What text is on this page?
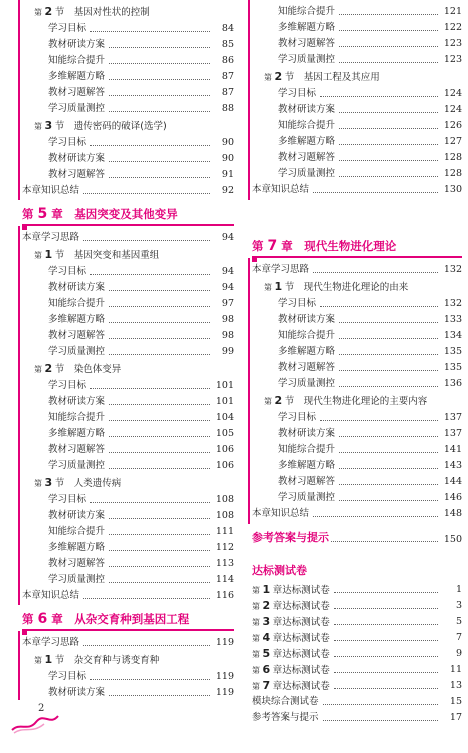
第 2 节　基因对性状的控制
学习目标	84
教材研读方案	85
知能综合提升	86
多维解题方略	87
教材习题解答	87
学习质量测控	88
第 3 节　遗传密码的破译(选学)
学习目标	90
教材研读方案	90
教材习题解答	91
本章知识总结	92
第 5 章　基因突变及其他变异
本章学习思路	94
第 1 节　基因突变和基因重组
学习目标	94
教材研读方案	94
知能综合提升	97
多维解题方略	98
教材习题解答	98
学习质量测控	99
第 2 节　染色体变异
学习目标	101
教材研读方案	101
知能综合提升	104
多维解题方略	105
教材习题解答	106
学习质量测控	106
第 3 节　人类遗传病
学习目标	108
教材研读方案	108
知能综合提升	111
多维解题方略	112
教材习题解答	113
学习质量测控	114
本章知识总结	116
第 6 章　从杂交育种到基因工程
本章学习思路	119
第 1 节　杂交育种与诱变育种
学习目标	119
教材研读方案	119
知能综合提升	121
多维解题方略	122
教材习题解答	123
学习质量测控	123
第 2 节　基因工程及其应用
学习目标	124
教材研读方案	124
知能综合提升	126
多维解题方略	127
教材习题解答	128
学习质量测控	128
本章知识总结	130
第 7 章　现代生物进化理论
本章学习思路	132
第 1 节　现代生物进化理论的由来
学习目标	132
教材研读方案	133
知能综合提升	134
多维解题方略	135
教材习题解答	135
学习质量测控	136
第 2 节　现代生物进化理论的主要内容
学习目标	137
教材研读方案	137
知能综合提升	141
多维解题方略	143
教材习题解答	144
学习质量测控	146
本章知识总结	148
参考答案与提示	150
达标测试卷
第 1 章达标测试卷	1
第 2 章达标测试卷	3
第 3 章达标测试卷	5
第 4 章达标测试卷	7
第 5 章达标测试卷	9
第 6 章达标测试卷	11
第 7 章达标测试卷	13
模块综合测试卷	15
参考答案与提示	17
2
